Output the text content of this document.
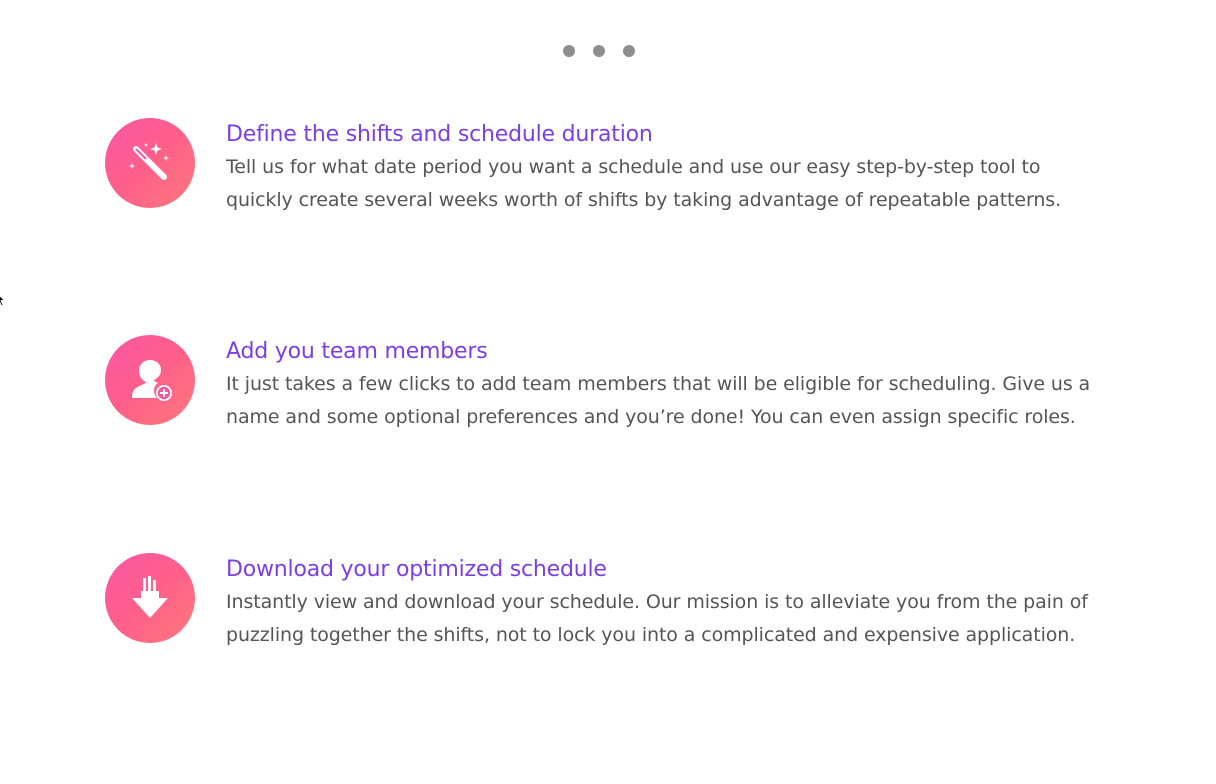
Define the shifts and schedule duration

Tell us for what date period you want a schedule and use our easy step-by-step tool to quickly create several weeks worth of shifts by taking advantage of repeatable patterns.

Add you team members

It just takes a few clicks to add team members that will be eligible for scheduling. Give us a name and some optional preferences and you’re done! You can even assign specific roles.

Download your optimized schedule

Instantly view and download your schedule. Our mission is to alleviate you from the pain of puzzling together the shifts, not to lock you into a complicated and expensive application.
